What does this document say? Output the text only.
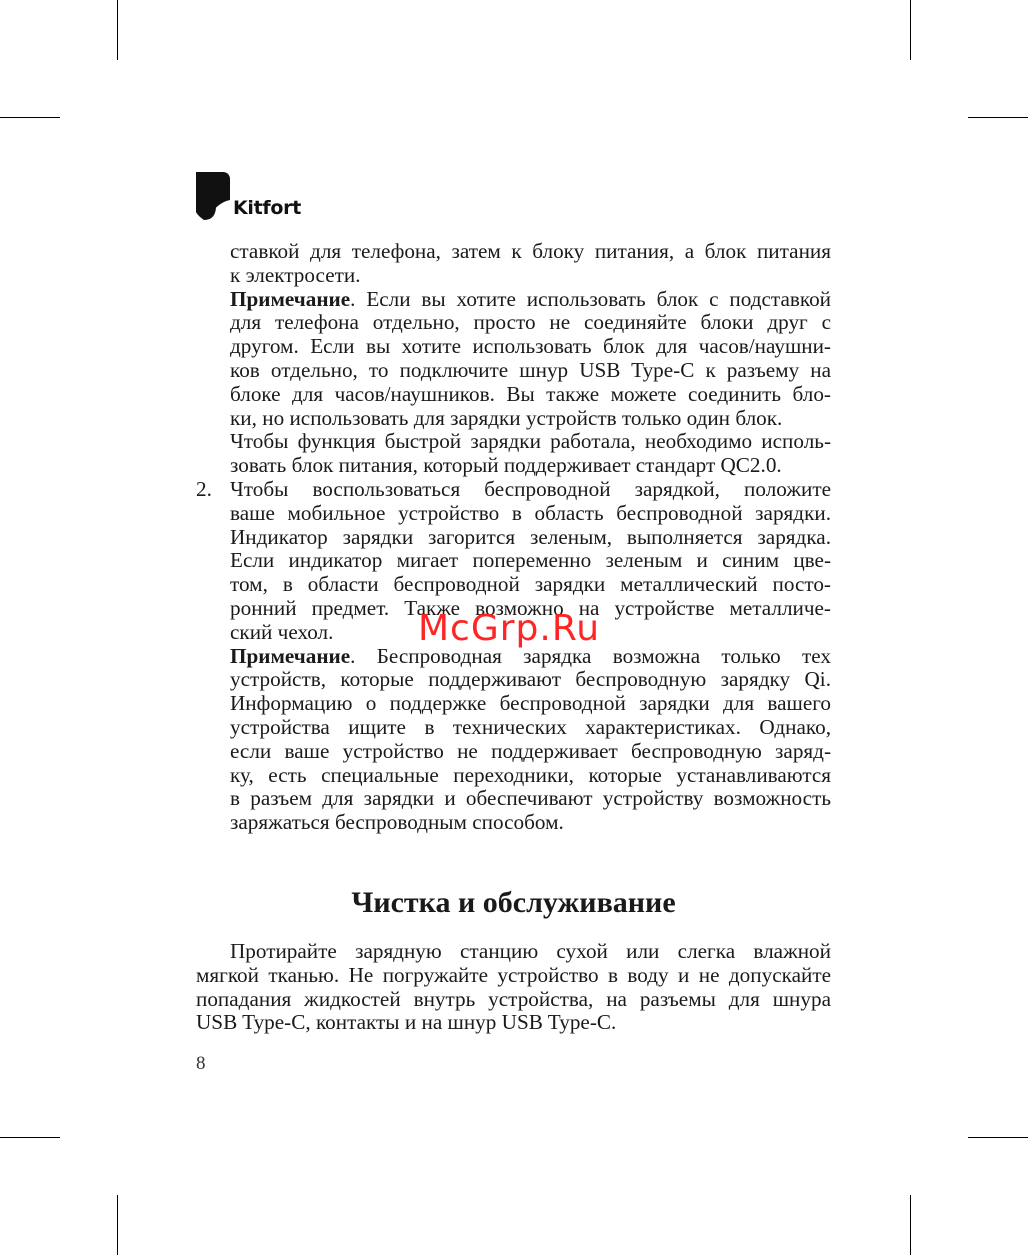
Kitfort
ставкой для телефона, затем к блоку питания, а блок питания
к электросети.
Примечание. Если вы хотите использовать блок с подставкой
для телефона отдельно, просто не соединяйте блоки друг с
другом. Если вы хотите использовать блок для часов/наушни-
ков отдельно, то подключите шнур USB Type-C к разъему на
блоке для часов/наушников. Вы также можете соединить бло-
ки, но использовать для зарядки устройств только один блок.
Чтобы функция быстрой зарядки работала, необходимо исполь-
зовать блок питания, который поддерживает стандарт QC2.0.
2. Чтобы воспользоваться беспроводной зарядкой, положите
ваше мобильное устройство в область беспроводной зарядки.
Индикатор зарядки загорится зеленым, выполняется зарядка.
Если индикатор мигает попеременно зеленым и синим цве-
том, в области беспроводной зарядки металлический посто-
ронний предмет. Также возможно на устройстве металличе-
ский чехол.
Примечание. Беспроводная зарядка возможна только тех
устройств, которые поддерживают беспроводную зарядку Qi.
Информацию о поддержке беспроводной зарядки для вашего
устройства ищите в технических характеристиках. Однако,
если ваше устройство не поддерживает беспроводную заряд-
ку, есть специальные переходники, которые устанавливаются
в разъем для зарядки и обеспечивают устройству возможность
заряжаться беспроводным способом.
McGrp.Ru
Чистка и обслуживание
Протирайте зарядную станцию сухой или слегка влажной
мягкой тканью. Не погружайте устройство в воду и не допускайте
попадания жидкостей внутрь устройства, на разъемы для шнура
USB Type-C, контакты и на шнур USB Type-C.
8
